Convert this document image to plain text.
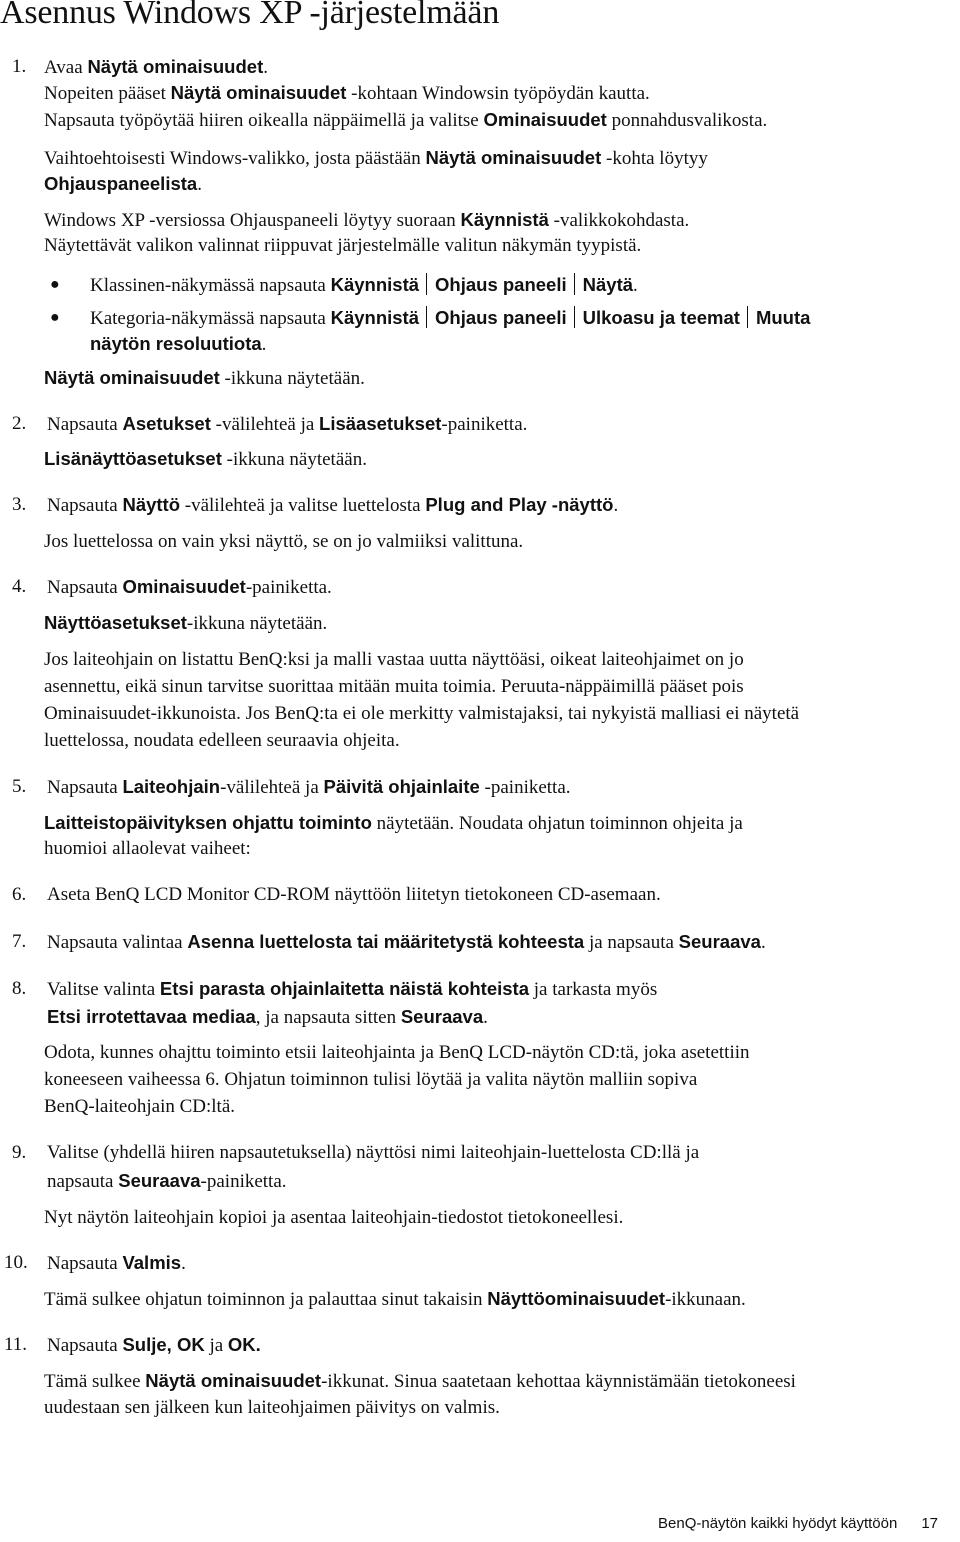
Asennus Windows XP -järjestelmään
1. Avaa Näytä ominaisuudet.
Nopeiten pääset Näytä ominaisuudet -kohtaan Windowsin työpöydän kautta.
Napsauta työpöytää hiiren oikealla näppäimellä ja valitse Ominaisuudet ponnahdusvalikosta.
Vaihtoehtoisesti Windows-valikko, josta päästään Näytä ominaisuudet -kohta löytyy
Ohjauspaneelista.
Windows XP -versiossa Ohjauspaneeli löytyy suoraan Käynnistä -valikkokohdasta.
Näytettävät valikon valinnat riippuvat järjestelmälle valitun näkymän tyypistä.
● Klassinen-näkymässä napsauta Käynnistä Ohjaus paneeli Näytä.
● Kategoria-näkymässä napsauta Käynnistä Ohjaus paneeli Ulkoasu ja teemat Muuta
näytön resoluutiota.
Näytä ominaisuudet -ikkuna näytetään.
2. Napsauta Asetukset -välilehteä ja Lisäasetukset-painiketta.
Lisänäyttöasetukset -ikkuna näytetään.
3. Napsauta Näyttö -välilehteä ja valitse luettelosta Plug and Play -näyttö.
Jos luettelossa on vain yksi näyttö, se on jo valmiiksi valittuna.
4. Napsauta Ominaisuudet-painiketta.
Näyttöasetukset-ikkuna näytetään.
Jos laiteohjain on listattu BenQ:ksi ja malli vastaa uutta näyttöäsi, oikeat laiteohjaimet on jo
asennettu, eikä sinun tarvitse suorittaa mitään muita toimia. Peruuta-näppäimillä pääset pois
Ominaisuudet-ikkunoista. Jos BenQ:ta ei ole merkitty valmistajaksi, tai nykyistä malliasi ei näytetä
luettelossa, noudata edelleen seuraavia ohjeita.
5. Napsauta Laiteohjain-välilehteä ja Päivitä ohjainlaite -painiketta.
Laitteistopäivityksen ohjattu toiminto näytetään. Noudata ohjatun toiminnon ohjeita ja
huomioi allaolevat vaiheet:
6. Aseta BenQ LCD Monitor CD-ROM näyttöön liitetyn tietokoneen CD-asemaan.
7. Napsauta valintaa Asenna luettelosta tai määritetystä kohteesta ja napsauta Seuraava.
8. Valitse valinta Etsi parasta ohjainlaitetta näistä kohteista ja tarkasta myös
Etsi irrotettavaa mediaa, ja napsauta sitten Seuraava.
Odota, kunnes ohajttu toiminto etsii laiteohjainta ja BenQ LCD-näytön CD:tä, joka asetettiin
koneeseen vaiheessa 6. Ohjatun toiminnon tulisi löytää ja valita näytön malliin sopiva
BenQ-laiteohjain CD:ltä.
9. Valitse (yhdellä hiiren napsautetuksella) näyttösi nimi laiteohjain-luettelosta CD:llä ja
napsauta Seuraava-painiketta.
Nyt näytön laiteohjain kopioi ja asentaa laiteohjain-tiedostot tietokoneellesi.
10. Napsauta Valmis.
Tämä sulkee ohjatun toiminnon ja palauttaa sinut takaisin Näyttöominaisuudet-ikkunaan.
11. Napsauta Sulje, OK ja OK.
Tämä sulkee Näytä ominaisuudet-ikkunat. Sinua saatetaan kehottaa käynnistämään tietokoneesi
uudestaan sen jälkeen kun laiteohjaimen päivitys on valmis.
BenQ-näytön kaikki hyödyt käyttöön 17
